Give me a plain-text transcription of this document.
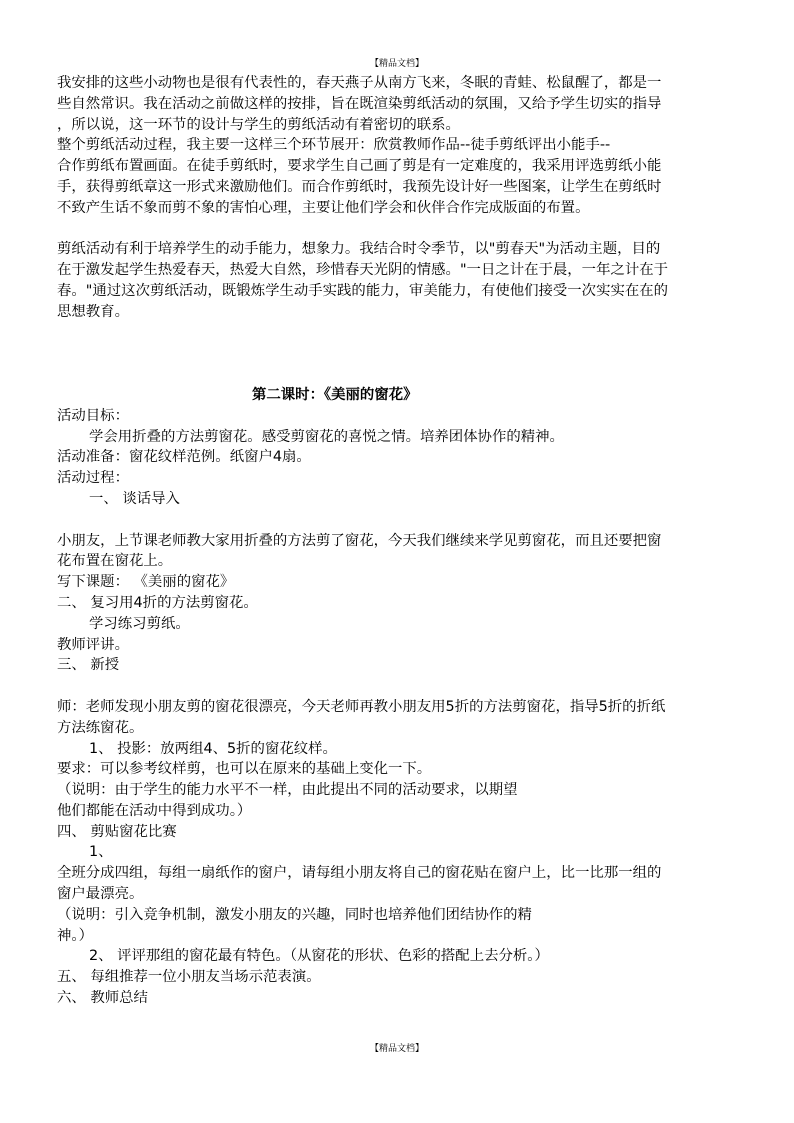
【精品文档】

我安排的这些小动物也是很有代表性的，春天燕子从南方飞来，冬眠的青蛙、松鼠醒了，都是一

些自然常识。我在活动之前做这样的按排，旨在既渲染剪纸活动的氛围，又给予学生切实的指导

，所以说，这一环节的设计与学生的剪纸活动有着密切的联系。

整个剪纸活动过程，我主要一这样三个环节展开：欣赏教师作品--徒手剪纸评出小能手--

合作剪纸布置画面。在徒手剪纸时，要求学生自己画了剪是有一定难度的，我采用评选剪纸小能

手，获得剪纸章这一形式来激励他们。而合作剪纸时，我预先设计好一些图案，让学生在剪纸时

不致产生话不象而剪不象的害怕心理，主要让他们学会和伙伴合作完成版面的布置。

剪纸活动有利于培养学生的动手能力，想象力。我结合时令季节，以"剪春天"为活动主题，目的

在于激发起学生热爱春天，热爱大自然，珍惜春天光阴的情感。"一日之计在于晨，一年之计在于

春。"通过这次剪纸活动，既锻炼学生动手实践的能力，审美能力，有使他们接受一次实实在在的

思想教育。

第二课时：《美丽的窗花》

活动目标：

学会用折叠的方法剪窗花。感受剪窗花的喜悦之情。培养团体协作的精神。

活动准备：窗花纹样范例。纸窗户4扇。

活动过程：

一、 谈话导入

小朋友，上节课老师教大家用折叠的方法剪了窗花，今天我们继续来学见剪窗花，而且还要把窗

花布置在窗花上。

写下课题： 《美丽的窗花》

二、 复习用4折的方法剪窗花。

学习练习剪纸。

教师评讲。

三、 新授

师：老师发现小朋友剪的窗花很漂亮，今天老师再教小朋友用5折的方法剪窗花，指导5折的折纸

方法练窗花。

1、 投影：放两组4、5折的窗花纹样。

要求：可以参考纹样剪，也可以在原来的基础上变化一下。

（说明：由于学生的能力水平不一样，由此提出不同的活动要求，以期望

他们都能在活动中得到成功。）

四、 剪贴窗花比赛

1、

全班分成四组，每组一扇纸作的窗户，请每组小朋友将自己的窗花贴在窗户上，比一比那一组的

窗户最漂亮。

（说明：引入竞争机制，激发小朋友的兴趣，同时也培养他们团结协作的精

神。）

2、 评评那组的窗花最有特色。（从窗花的形状、色彩的搭配上去分析。）

五、 每组推荐一位小朋友当场示范表演。

六、 教师总结

【精品文档】
